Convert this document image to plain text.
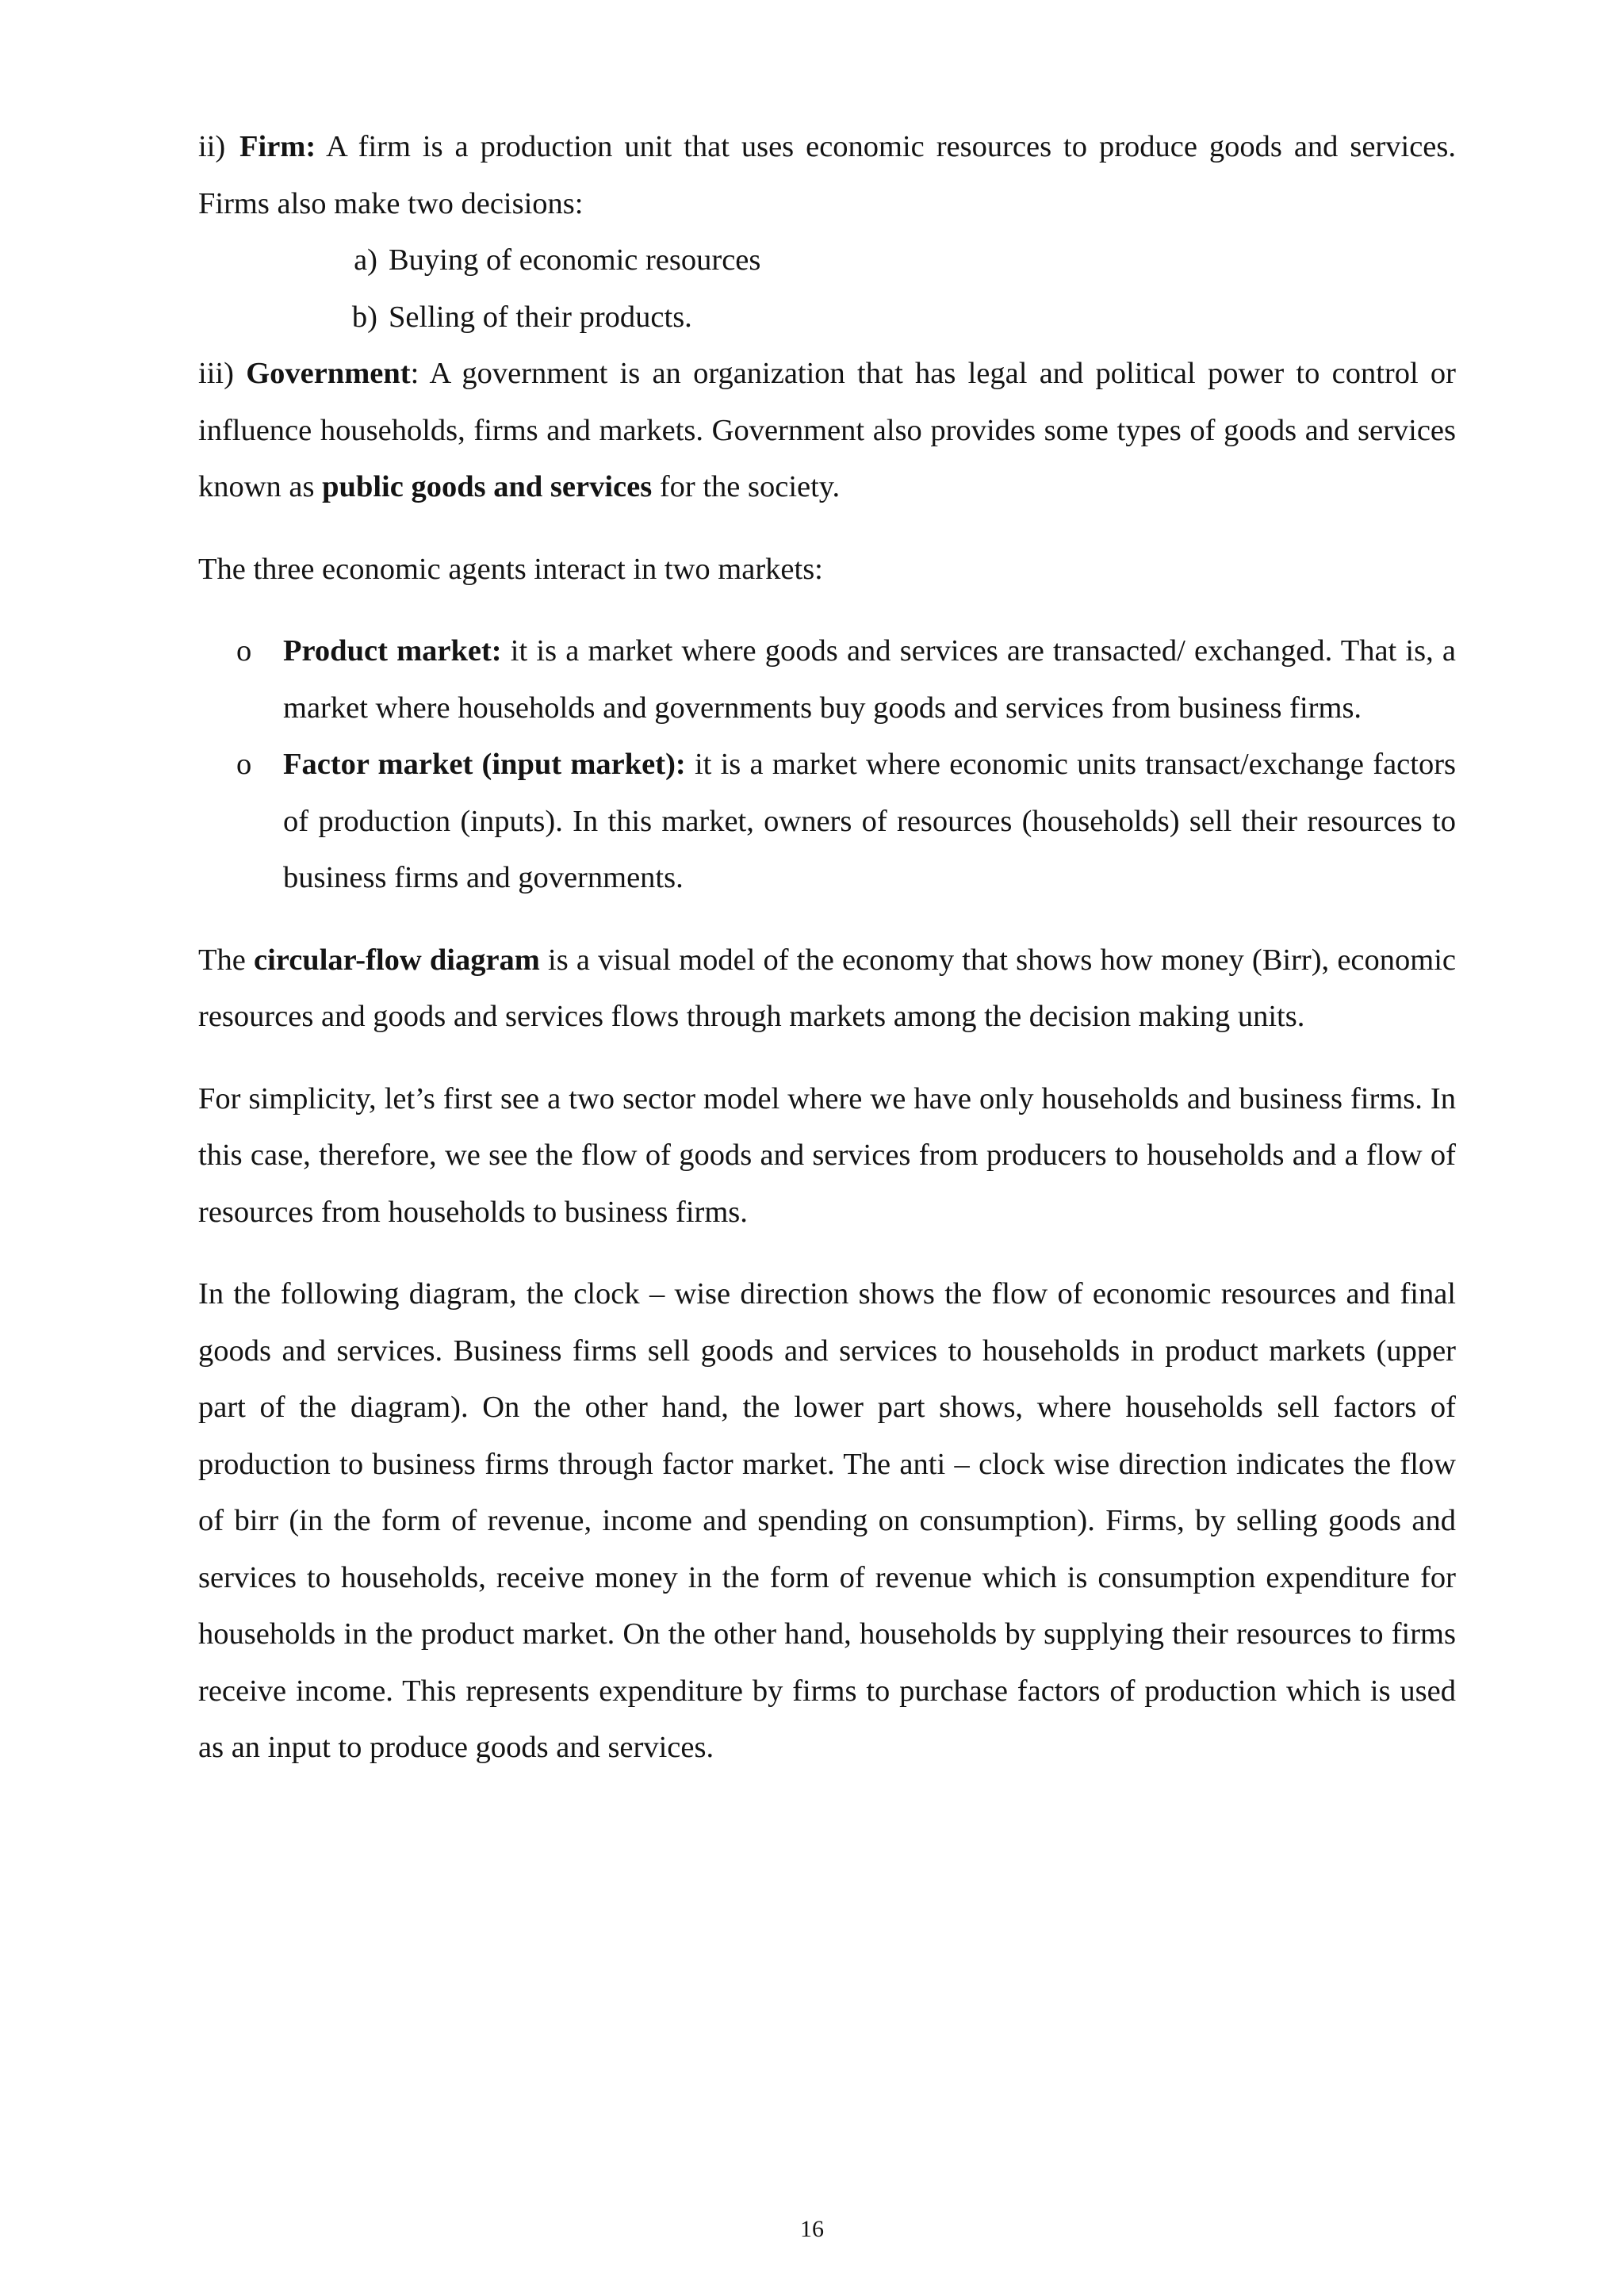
ii) Firm: A firm is a production unit that uses economic resources to produce goods and services. Firms also make two decisions:
a) Buying of economic resources
b) Selling of their products.
iii) Government: A government is an organization that has legal and political power to control or influence households, firms and markets. Government also provides some types of goods and services known as public goods and services for the society.
The three economic agents interact in two markets:
o	Product market: it is a market where goods and services are transacted/ exchanged. That is, a market where households and governments buy goods and services from business firms.
o	Factor market (input market): it is a market where economic units transact/exchange factors of production (inputs). In this market, owners of resources (households) sell their resources to business firms and governments.
The circular-flow diagram is a visual model of the economy that shows how money (Birr), economic resources and goods and services flows through markets among the decision making units.
For simplicity, let’s first see a two sector model where we have only households and business firms. In this case, therefore, we see the flow of goods and services from producers to households and a flow of resources from households to business firms.
In the following diagram, the clock – wise direction shows the flow of economic resources and final goods and services. Business firms sell goods and services to households in product markets (upper part of the diagram). On the other hand, the lower part shows, where households sell factors of production to business firms through factor market. The anti – clock wise direction indicates the flow of birr (in the form of revenue, income and spending on consumption). Firms, by selling goods and services to households, receive money in the form of revenue which is consumption expenditure for households in the product market. On the other hand, households by supplying their resources to firms receive income. This represents expenditure by firms to purchase factors of production which is used as an input to produce goods and services.
16
